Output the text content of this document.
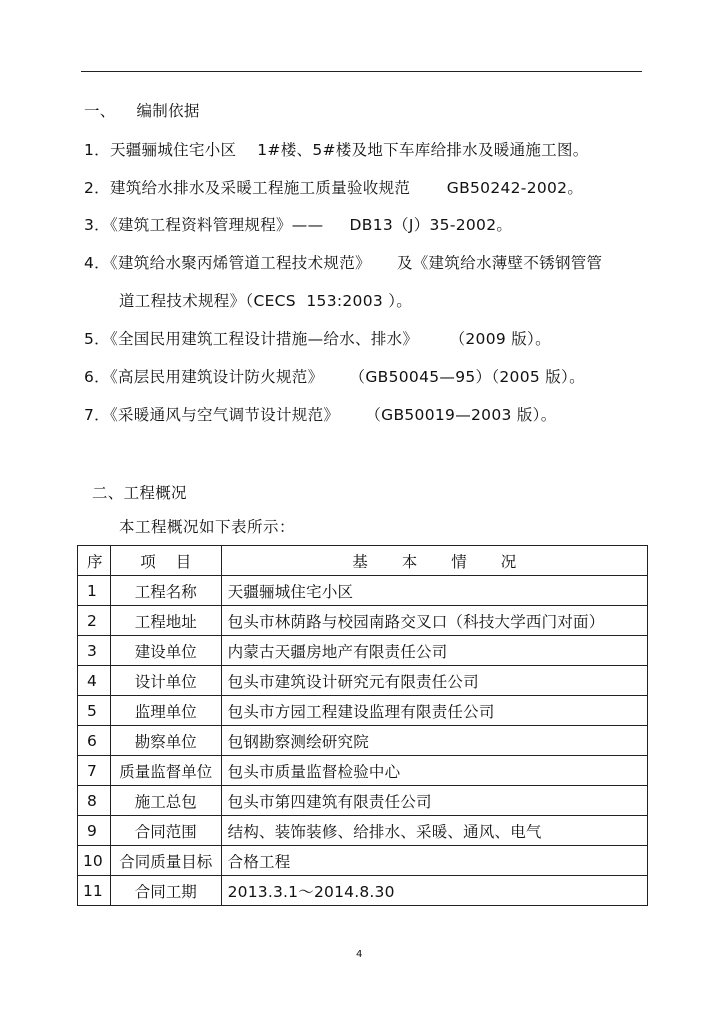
一、    编制依据
1．天疆骊城住宅小区    1#楼、5#楼及地下车库给排水及暖通施工图。
2．建筑给水排水及采暖工程施工质量验收规范       GB50242-2002。
3．《建筑工程资料管理规程》——     DB13（J）35-2002。
4．《建筑给水聚丙烯管道工程技术规范》     及《建筑给水薄壁不锈钢管管
道工程技术规程》（CECS  153:2003 ）。
5．《全国民用建筑工程设计措施—给水、排水》      （2009 版）。
6．《高层民用建筑设计防火规范》     （GB50045—95）（2005 版）。
7．《采暖通风与空气调节设计规范》     （GB50019—2003 版）。
二、工程概况
本工程概况如下表所示：
序	项目	基本情况
1	工程名称	天疆骊城住宅小区
2	工程地址	包头市林荫路与校园南路交叉口（科技大学西门对面）
3	建设单位	内蒙古天疆房地产有限责任公司
4	设计单位	包头市建筑设计研究元有限责任公司
5	监理单位	包头市方园工程建设监理有限责任公司
6	勘察单位	包钢勘察测绘研究院
7	质量监督单位	包头市质量监督检验中心
8	施工总包	包头市第四建筑有限责任公司
9	合同范围	结构、装饰装修、给排水、采暖、通风、电气
10	合同质量目标	合格工程
11	合同工期	2013.3.1～2014.8.30
4
